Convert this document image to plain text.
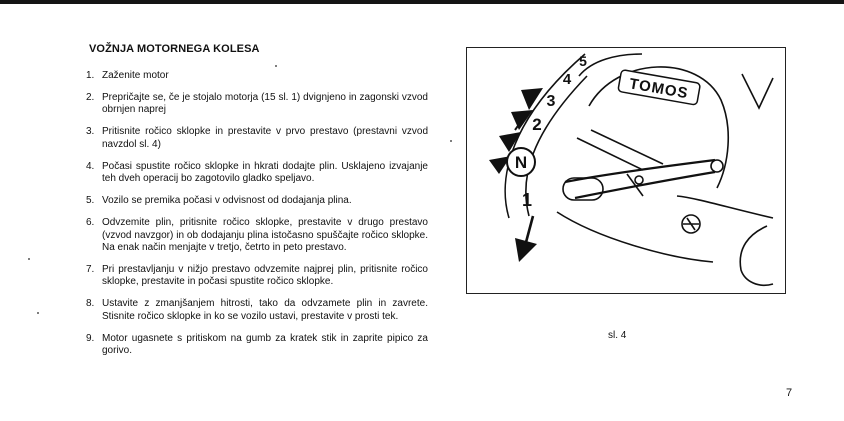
VOŽNJA MOTORNEGA KOLESA
1. Zaženite motor
2. Prepričajte se, če je stojalo motorja (15 sl. 1) dvignjeno in zagonski vzvod obrnjen naprej
3. Pritisnite ročico sklopke in prestavite v prvo prestavo (prestavni vzvod navzdol sl. 4)
4. Počasi spustite ročico sklopke in hkrati dodajte plin. Usklajeno izvajanje teh dveh operacij bo zagotovilo gladko speljavo.
5. Vozilo se premika počasi v odvisnost od dodajanja plina.
6. Odvzemite plin, pritisnite ročico sklopke, prestavite v drugo prestavo (vzvod navzgor) in ob dodajanju plina istočasno spuščajte ročico sklopke. Na enak način menjajte v tretjo, četrto in peto prestavo.
7. Pri prestavljanju v nižjo prestavo odvzemite najprej plin, pritisnite ročico sklopke, prestavite in počasi spustite ročico sklopke.
8. Ustavite z zmanjšanjem hitrosti, tako da odvzamete plin in zavrete. Stisnite ročico sklopke in ko se vozilo ustavi, prestavite v prosti tek.
9. Motor ugasnete s pritiskom na gumb za kratek stik in zaprite pipico za gorivo.
N
1
2
3
4
5
TOMOS
sl. 4
7
